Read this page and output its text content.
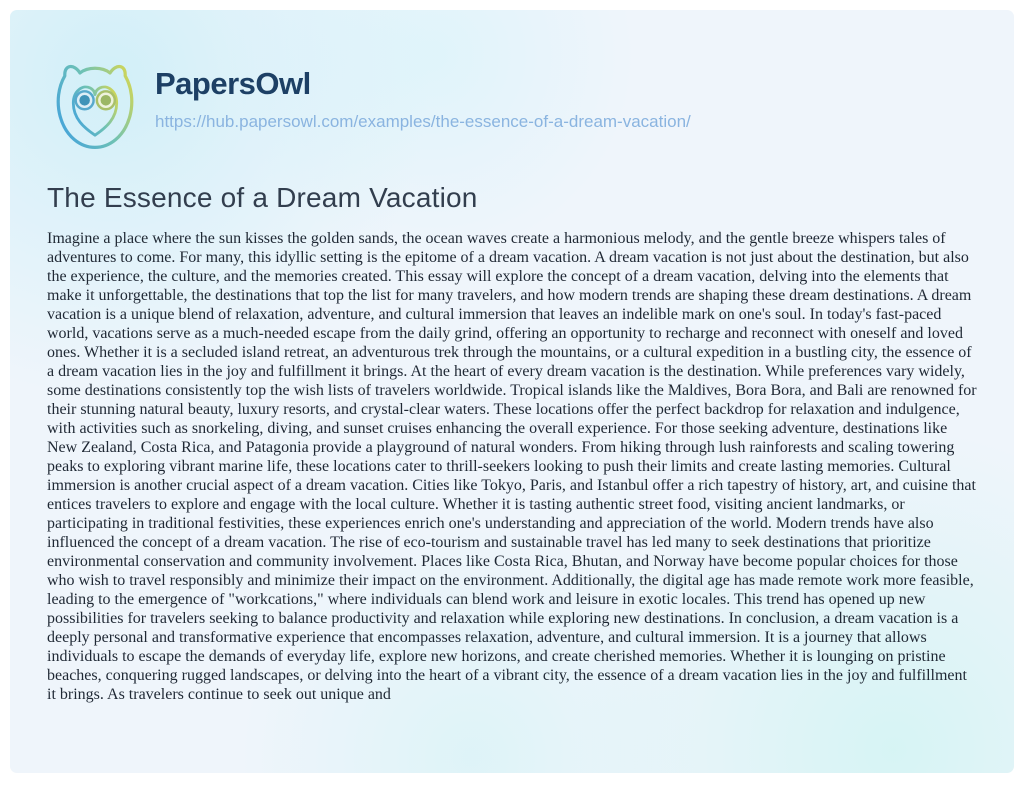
PapersOwl
https://hub.papersowl.com/examples/the-essence-of-a-dream-vacation/
The Essence of a Dream Vacation
Imagine a place where the sun kisses the golden sands, the ocean waves create a harmonious melody, and the gentle breeze whispers tales of adventures to come. For many, this idyllic setting is the epitome of a dream vacation. A dream vacation is not just about the destination, but also the experience, the culture, and the memories created. This essay will explore the concept of a dream vacation, delving into the elements that make it unforgettable, the destinations that top the list for many travelers, and how modern trends are shaping these dream destinations. A dream vacation is a unique blend of relaxation, adventure, and cultural immersion that leaves an indelible mark on one's soul. In today's fast-paced world, vacations serve as a much-needed escape from the daily grind, offering an opportunity to recharge and reconnect with oneself and loved ones. Whether it is a secluded island retreat, an adventurous trek through the mountains, or a cultural expedition in a bustling city, the essence of a dream vacation lies in the joy and fulfillment it brings. At the heart of every dream vacation is the destination. While preferences vary widely, some destinations consistently top the wish lists of travelers worldwide. Tropical islands like the Maldives, Bora Bora, and Bali are renowned for their stunning natural beauty, luxury resorts, and crystal-clear waters. These locations offer the perfect backdrop for relaxation and indulgence, with activities such as snorkeling, diving, and sunset cruises enhancing the overall experience. For those seeking adventure, destinations like New Zealand, Costa Rica, and Patagonia provide a playground of natural wonders. From hiking through lush rainforests and scaling towering peaks to exploring vibrant marine life, these locations cater to thrill-seekers looking to push their limits and create lasting memories. Cultural immersion is another crucial aspect of a dream vacation. Cities like Tokyo, Paris, and Istanbul offer a rich tapestry of history, art, and cuisine that entices travelers to explore and engage with the local culture. Whether it is tasting authentic street food, visiting ancient landmarks, or participating in traditional festivities, these experiences enrich one's understanding and appreciation of the world. Modern trends have also influenced the concept of a dream vacation. The rise of eco-tourism and sustainable travel has led many to seek destinations that prioritize environmental conservation and community involvement. Places like Costa Rica, Bhutan, and Norway have become popular choices for those who wish to travel responsibly and minimize their impact on the environment. Additionally, the digital age has made remote work more feasible, leading to the emergence of "workcations," where individuals can blend work and leisure in exotic locales. This trend has opened up new possibilities for travelers seeking to balance productivity and relaxation while exploring new destinations. In conclusion, a dream vacation is a deeply personal and transformative experience that encompasses relaxation, adventure, and cultural immersion. It is a journey that allows individuals to escape the demands of everyday life, explore new horizons, and create cherished memories. Whether it is lounging on pristine beaches, conquering rugged landscapes, or delving into the heart of a vibrant city, the essence of a dream vacation lies in the joy and fulfillment it brings. As travelers continue to seek out unique and
